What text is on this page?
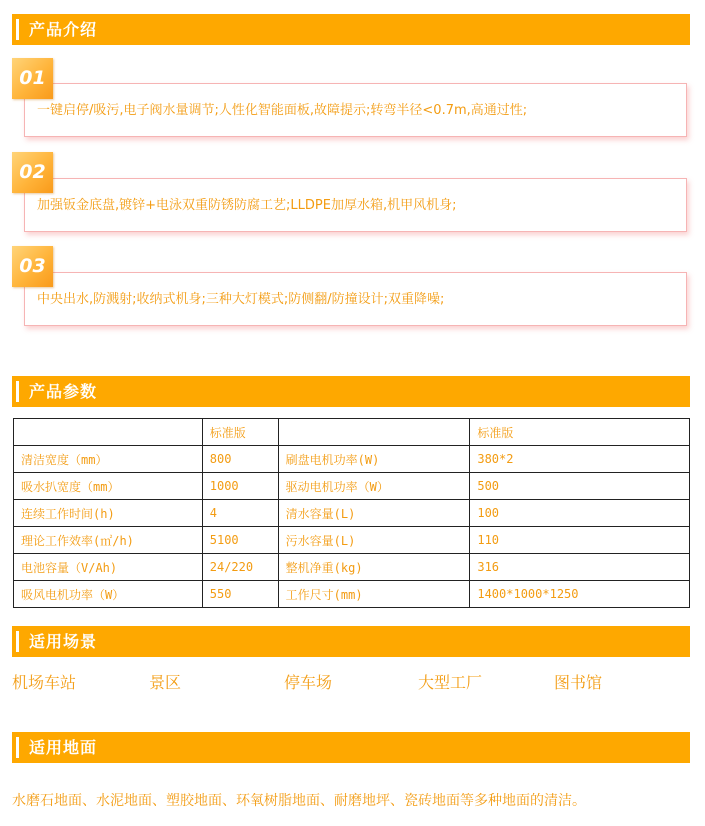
产品介绍
一键启停/吸污,电子阀水量调节;人性化智能面板,故障提示;转弯半径<0.7m,高通过性;
01
加强钣金底盘,镀锌+电泳双重防锈防腐工艺;LLDPE加厚水箱,机甲风机身;
02
中央出水,防溅射;收纳式机身;三种大灯模式;防侧翻/防撞设计;双重降噪;
03
产品参数
	标准版		标准版
清洁宽度（mm）	800	刷盘电机功率(W)	380*2
吸水扒宽度（mm）	1000	驱动电机功率（W）	500
连续工作时间(h)	4	清水容量(L)	100
理论工作效率(㎡/h)	5100	污水容量(L)	110
电池容量（V/Ah)	24/220	整机净重(kg)	316
吸风电机功率（W）	550	工作尺寸(mm)	1400*1000*1250
适用场景
机场车站	景区	停车场	大型工厂	图书馆
适用地面
水磨石地面、水泥地面、塑胶地面、环氧树脂地面、耐磨地坪、瓷砖地面等多种地面的清洁。
